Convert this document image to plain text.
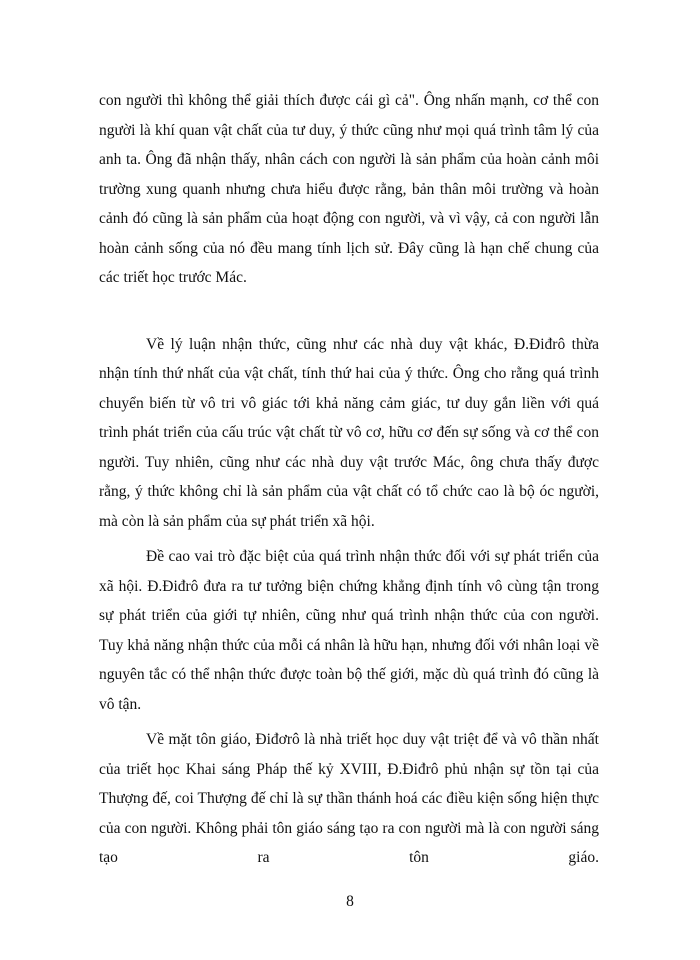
con người thì không thể giải thích được cái gì cả". Ông nhấn mạnh, cơ thể con người là khí quan vật chất của tư duy, ý thức cũng như mọi quá trình tâm lý của anh ta. Ông đã nhận thấy, nhân cách con người là sản phẩm của hoàn cảnh môi trường xung quanh nhưng chưa hiểu được rằng, bản thân môi trường và hoàn cảnh đó cũng là sản phẩm của hoạt động con người, và vì vậy, cả con người lẫn hoàn cảnh sống của nó đều mang tính lịch sử. Đây cũng là hạn chế chung của các triết học trước Mác.

Về lý luận nhận thức, cũng như các nhà duy vật khác, Đ.Điđrô thừa nhận tính thứ nhất của vật chất, tính thứ hai của ý thức. Ông cho rằng quá trình chuyển biến từ vô tri vô giác tới khả năng cảm giác, tư duy gắn liền với quá trình phát triển của cấu trúc vật chất từ vô cơ, hữu cơ đến sự sống và cơ thể con người. Tuy nhiên, cũng như các nhà duy vật trước Mác, ông chưa thấy được rằng, ý thức không chỉ là sản phẩm của vật chất có tổ chức cao là bộ óc người, mà còn là sản phẩm của sự phát triển xã hội.

Đề cao vai trò đặc biệt của quá trình nhận thức đối với sự phát triển của xã hội. Đ.Điđrô đưa ra tư tưởng biện chứng khẳng định tính vô cùng tận trong sự phát triển của giới tự nhiên, cũng như quá trình nhận thức của con người. Tuy khả năng nhận thức của mỗi cá nhân là hữu hạn, nhưng đối với nhân loại về nguyên tắc có thể nhận thức được toàn bộ thế giới, mặc dù quá trình đó cũng là vô tận.

Về mặt tôn giáo, Điđơrô là nhà triết học duy vật triệt để và vô thần nhất của triết học Khai sáng Pháp thế kỷ XVIII, Đ.Điđrô phủ nhận sự tồn tại của Thượng đế, coi Thượng đế chỉ là sự thần thánh hoá các điều kiện sống hiện thực của con người. Không phải tôn giáo sáng tạo ra con người mà là con người sáng tạo ra tôn giáo.

8
